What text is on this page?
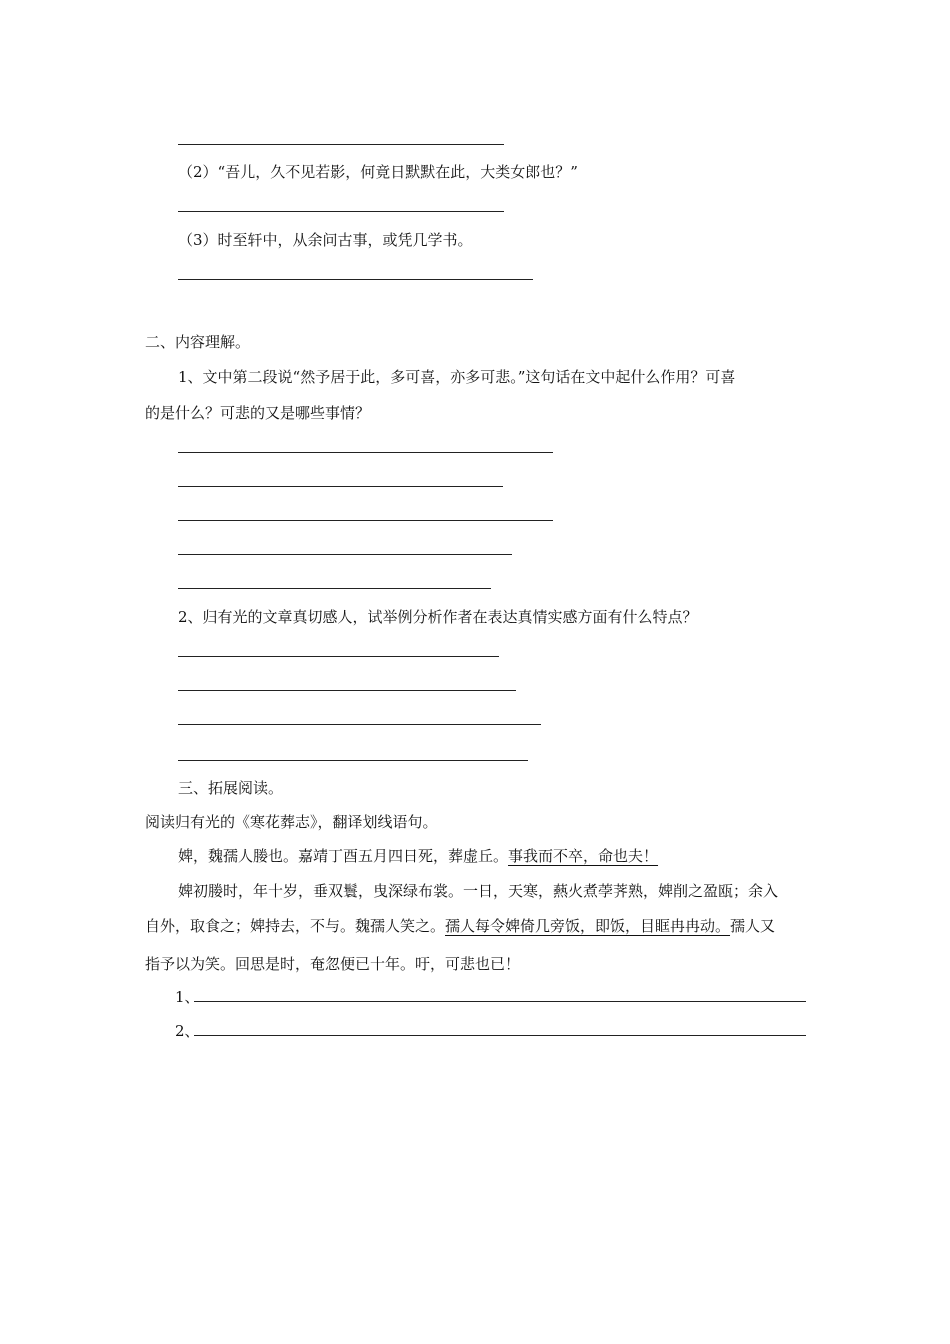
（2）“吾儿，久不见若影，何竟日默默在此，大类女郎也？”
（3）时至轩中，从余问古事，或凭几学书。
二、内容理解。
1、文中第二段说“然予居于此，多可喜，亦多可悲。”这句话在文中起什么作用？可喜
的是什么？可悲的又是哪些事情？
2、归有光的文章真切感人，试举例分析作者在表达真情实感方面有什么特点？
三、拓展阅读。
阅读归有光的《寒花葬志》，翻译划线语句。
婢，魏孺人媵也。嘉靖丁酉五月四日死，葬虚丘。事我而不卒，命也夫！
婢初媵时，年十岁，垂双鬟，曳深绿布裳。一日，天寒，爇火煮荸荠熟，婢削之盈瓯；余入
自外，取食之；婢持去，不与。魏孺人笑之。孺人每令婢倚几旁饭，即饭，目眶冉冉动。孺人又
指予以为笑。回思是时，奄忽便已十年。吁，可悲也已！
1、
2、
